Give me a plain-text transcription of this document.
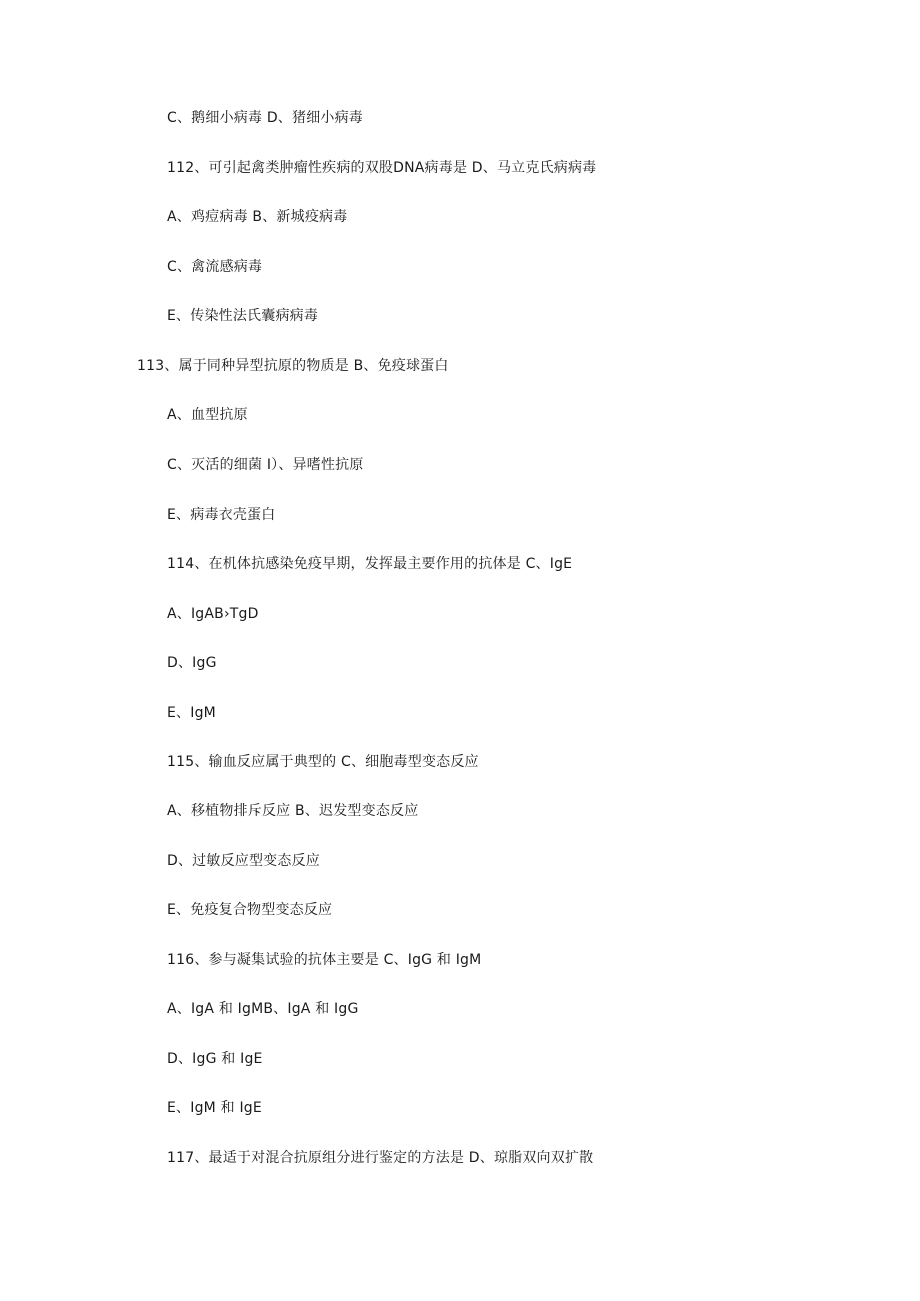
C、鹅细小病毒 D、猪细小病毒
112、可引起禽类肿瘤性疾病的双股DNA病毒是 D、马立克氏病病毒
A、鸡痘病毒 B、新城疫病毒
C、禽流感病毒
E、传染性法氏囊病病毒
113、属于同种异型抗原的物质是 B、免疫球蛋白
A、血型抗原
C、灭活的细菌 I）、异嗜性抗原
E、病毒衣壳蛋白
114、在机体抗感染免疫早期，发挥最主要作用的抗体是 C、IgE
A、IgAB›TgD
D、IgG
E、IgM
115、输血反应属于典型的 C、细胞毒型变态反应
A、移植物排斥反应 B、迟发型变态反应
D、过敏反应型变态反应
E、免疫复合物型变态反应
116、参与凝集试验的抗体主要是 C、IgG 和 IgM
A、IgA 和 IgMB、IgA 和 IgG
D、IgG 和 IgE
E、IgM 和 IgE
117、最适于对混合抗原组分进行鉴定的方法是 D、琼脂双向双扩散
